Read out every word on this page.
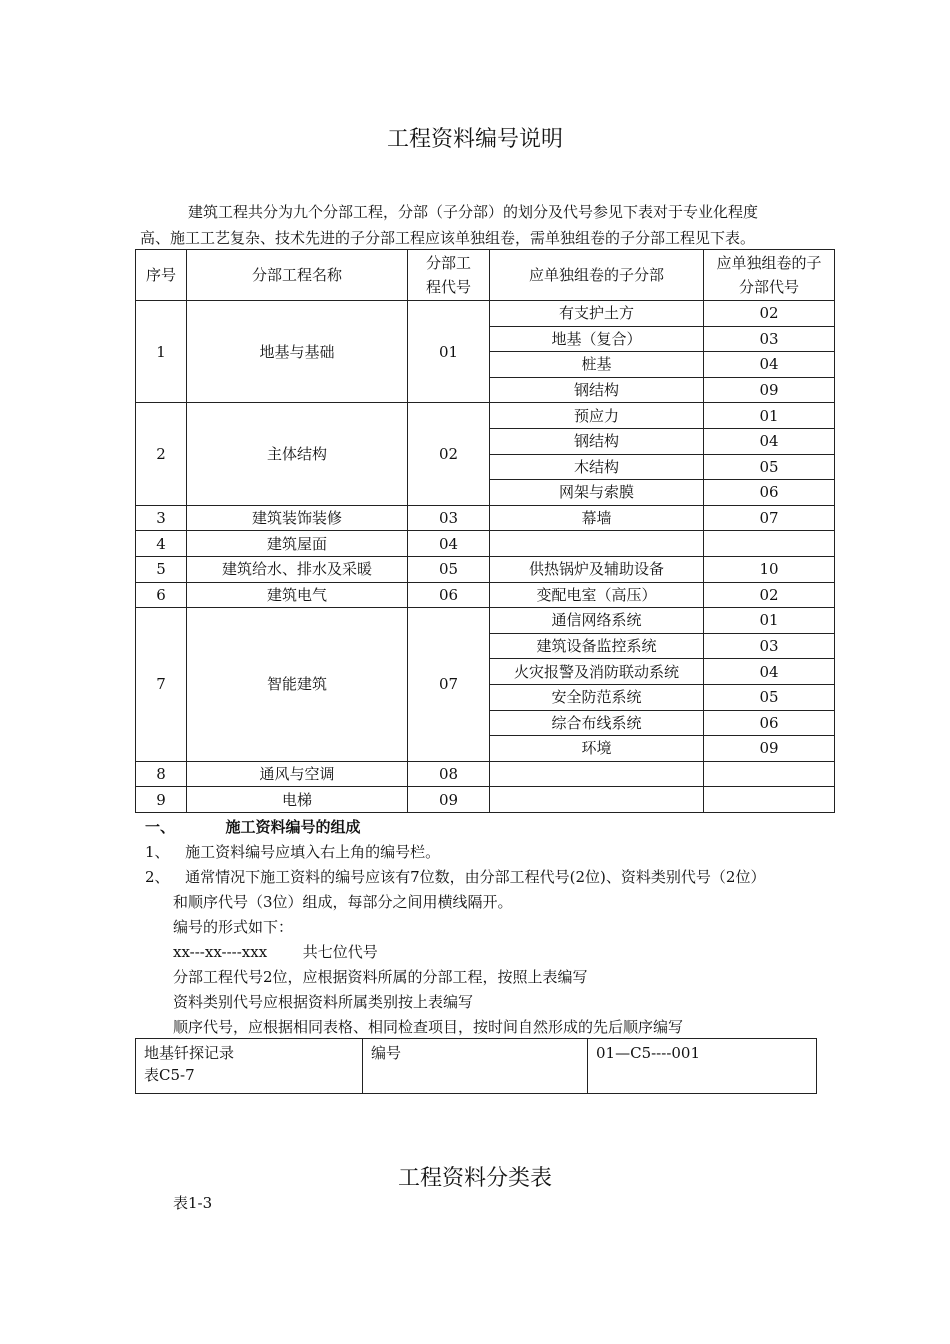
工程资料编号说明
建筑工程共分为九个分部工程，分部（子分部）的划分及代号参见下表对于专业化程度
高、施工工艺复杂、技术先进的子分部工程应该单独组卷，需单独组卷的子分部工程见下表。
序号	分部工程名称	分部工程代号	应单独组卷的子分部	应单独组卷的子分部代号
1	地基与基础	01	有支护土方	02
			地基（复合）	03
			桩基	04
			钢结构	09
2	主体结构	02	预应力	01
			钢结构	04
			木结构	05
			网架与索膜	06
3	建筑装饰装修	03	幕墙	07
4	建筑屋面	04		
5	建筑给水、排水及采暖	05	供热锅炉及辅助设备	10
6	建筑电气	06	变配电室（高压）	02
7	智能建筑	07	通信网络系统	01
			建筑设备监控系统	03
			火灾报警及消防联动系统	04
			安全防范系统	05
			综合布线系统	06
			环境	09
8	通风与空调	08		
9	电梯	09		
一、	施工资料编号的组成
1、 施工资料编号应填入右上角的编号栏。
2、 通常情况下施工资料的编号应该有7位数，由分部工程代号(2位)、资料类别代号（2位）
和顺序代号（3位）组成，每部分之间用横线隔开。
编号的形式如下：
xx---xx----xxx 共七位代号
分部工程代号2位，应根据资料所属的分部工程，按照上表编写
资料类别代号应根据资料所属类别按上表编写
顺序代号，应根据相同表格、相同检查项目，按时间自然形成的先后顺序编写
地基钎探记录
表C5-7
	编号	01—C5----001
工程资料分类表
表1-3
